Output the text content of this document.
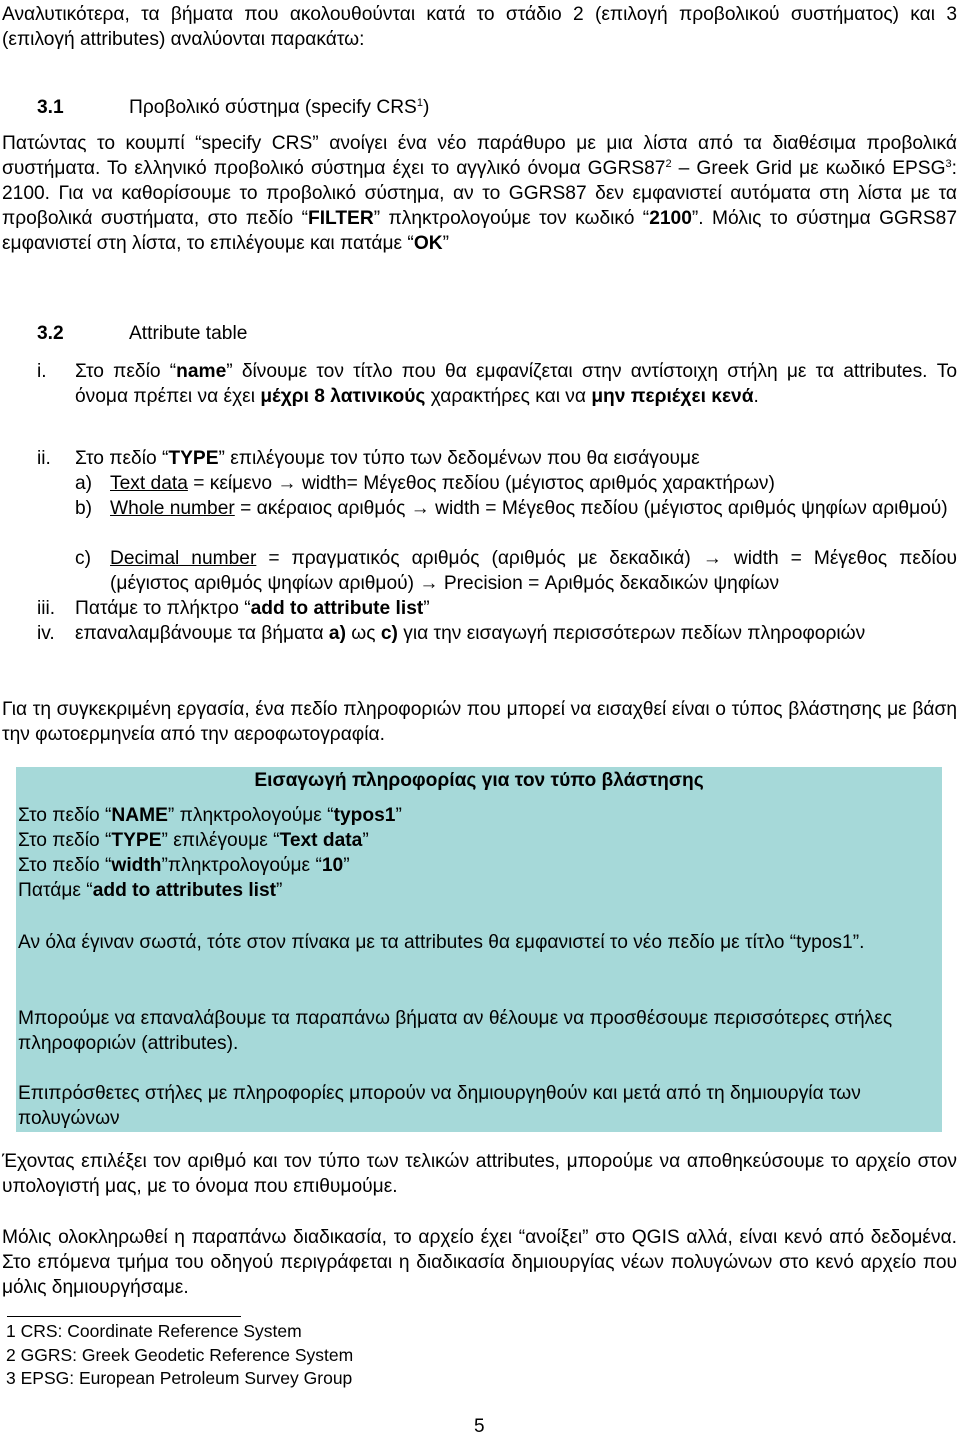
Αναλυτικότερα, τα βήματα που ακολουθούνται κατά το στάδιο 2 (επιλογή προβολικού συστήματος) και 3 (επιλογή attributes) αναλύονται παρακάτω:

3.1	Προβολικό σύστημα (specify CRS$^1$)

Πατώντας το κουμπί “specify CRS” ανοίγει ένα νέο παράθυρο με μια λίστα από τα διαθέσιμα προβολικά συστήματα. Το ελληνικό προβολικό σύστημα έχει το αγγλικό όνομα $GGRS87^2$ – Greek Grid με κωδικό EPSG$^3$: 2100. Για να καθορίσουμε το προβολικό σύστημα, αν το GGRS87 δεν εμφανιστεί αυτόματα στη λίστα με τα προβολικά συστήματα, στο πεδίο “FILTER” πληκτρολογούμε τον κωδικό “2100”. Μόλις το σύστημα GGRS87 εμφανιστεί στη λίστα, το επιλέγουμε και πατάμε “OK”

3.2	Attribute table
i. Στο πεδίο “name” δίνουμε τον τίτλο που θα εμφανίζεται στην αντίστοιχη στήλη με τα attributes. Το όνομα πρέπει να έχει μέχρι 8 λατινικούς χαρακτήρες και να μην περιέχει κενά.

ii. Στο πεδίο “TYPE” επιλέγουμε τον τύπο των δεδομένων που θα εισάγουμε

a) Text data = κείμενο → width= Μέγεθος πεδίου (μέγιστος αριθμός χαρακτήρων)

b) Whole number = ακέραιος αριθμός → width = Μέγεθος πεδίου (μέγιστος αριθμός ψηφίων αριθμού)

c) Decimal number = πραγματικός αριθμός (αριθμός με δεκαδικά) → width = Μέγεθος πεδίου (μέγιστος αριθμός ψηφίων αριθμού) → Precision = Αριθμός δεκαδικών ψηφίων

iii. Πατάμε το πλήκτρο “add to attribute list”

iv. επαναλαμβάνουμε τα βήματα a) ως c) για την εισαγωγή περισσότερων πεδίων πληροφοριών

Για τη συγκεκριμένη εργασία, ένα πεδίο πληροφοριών που μπορεί να εισαχθεί είναι ο τύπος βλάστησης με βάση την φωτοερμηνεία από την αεροφωτογραφία.

Εισαγωγή πληροφορίας για τον τύπο βλάστησης
Στο πεδίο “NAME” πληκτρολογούμε “typos1”
Στο πεδίο “TYPE” επιλέγουμε “Text data”
Στο πεδίο “width”πληκτρολογούμε “10”
Πατάμε “add to attributes list”

Αν όλα έγιναν σωστά, τότε στον πίνακα με τα attributes θα εμφανιστεί το νέο πεδίο με τίτλο “typos1”.

Μπορούμε να επαναλάβουμε τα παραπάνω βήματα αν θέλουμε να προσθέσουμε περισσότερες στήλες πληροφοριών (attributes).

Επιπρόσθετες στήλες με πληροφορίες μπορούν να δημιουργηθούν και μετά από τη δημιουργία των πολυγώνων

Έχοντας επιλέξει τον αριθμό και τον τύπο των τελικών attributes, μπορούμε να αποθηκεύσουμε το αρχείο στον υπολογιστή μας, με το όνομα που επιθυμούμε.

Μόλις ολοκληρωθεί η παραπάνω διαδικασία, το αρχείο έχει “ανοίξει” στο QGIS αλλά, είναι κενό από δεδομένα. Στο επόμενα τμήμα του οδηγού περιγράφεται η διαδικασία δημιουργίας νέων πολυγώνων στο κενό αρχείο που μόλις δημιουργήσαμε.

1 CRS: Coordinate Reference System
2 GGRS: Greek Geodetic Reference System
3 EPSG: European Petroleum Survey Group
5
